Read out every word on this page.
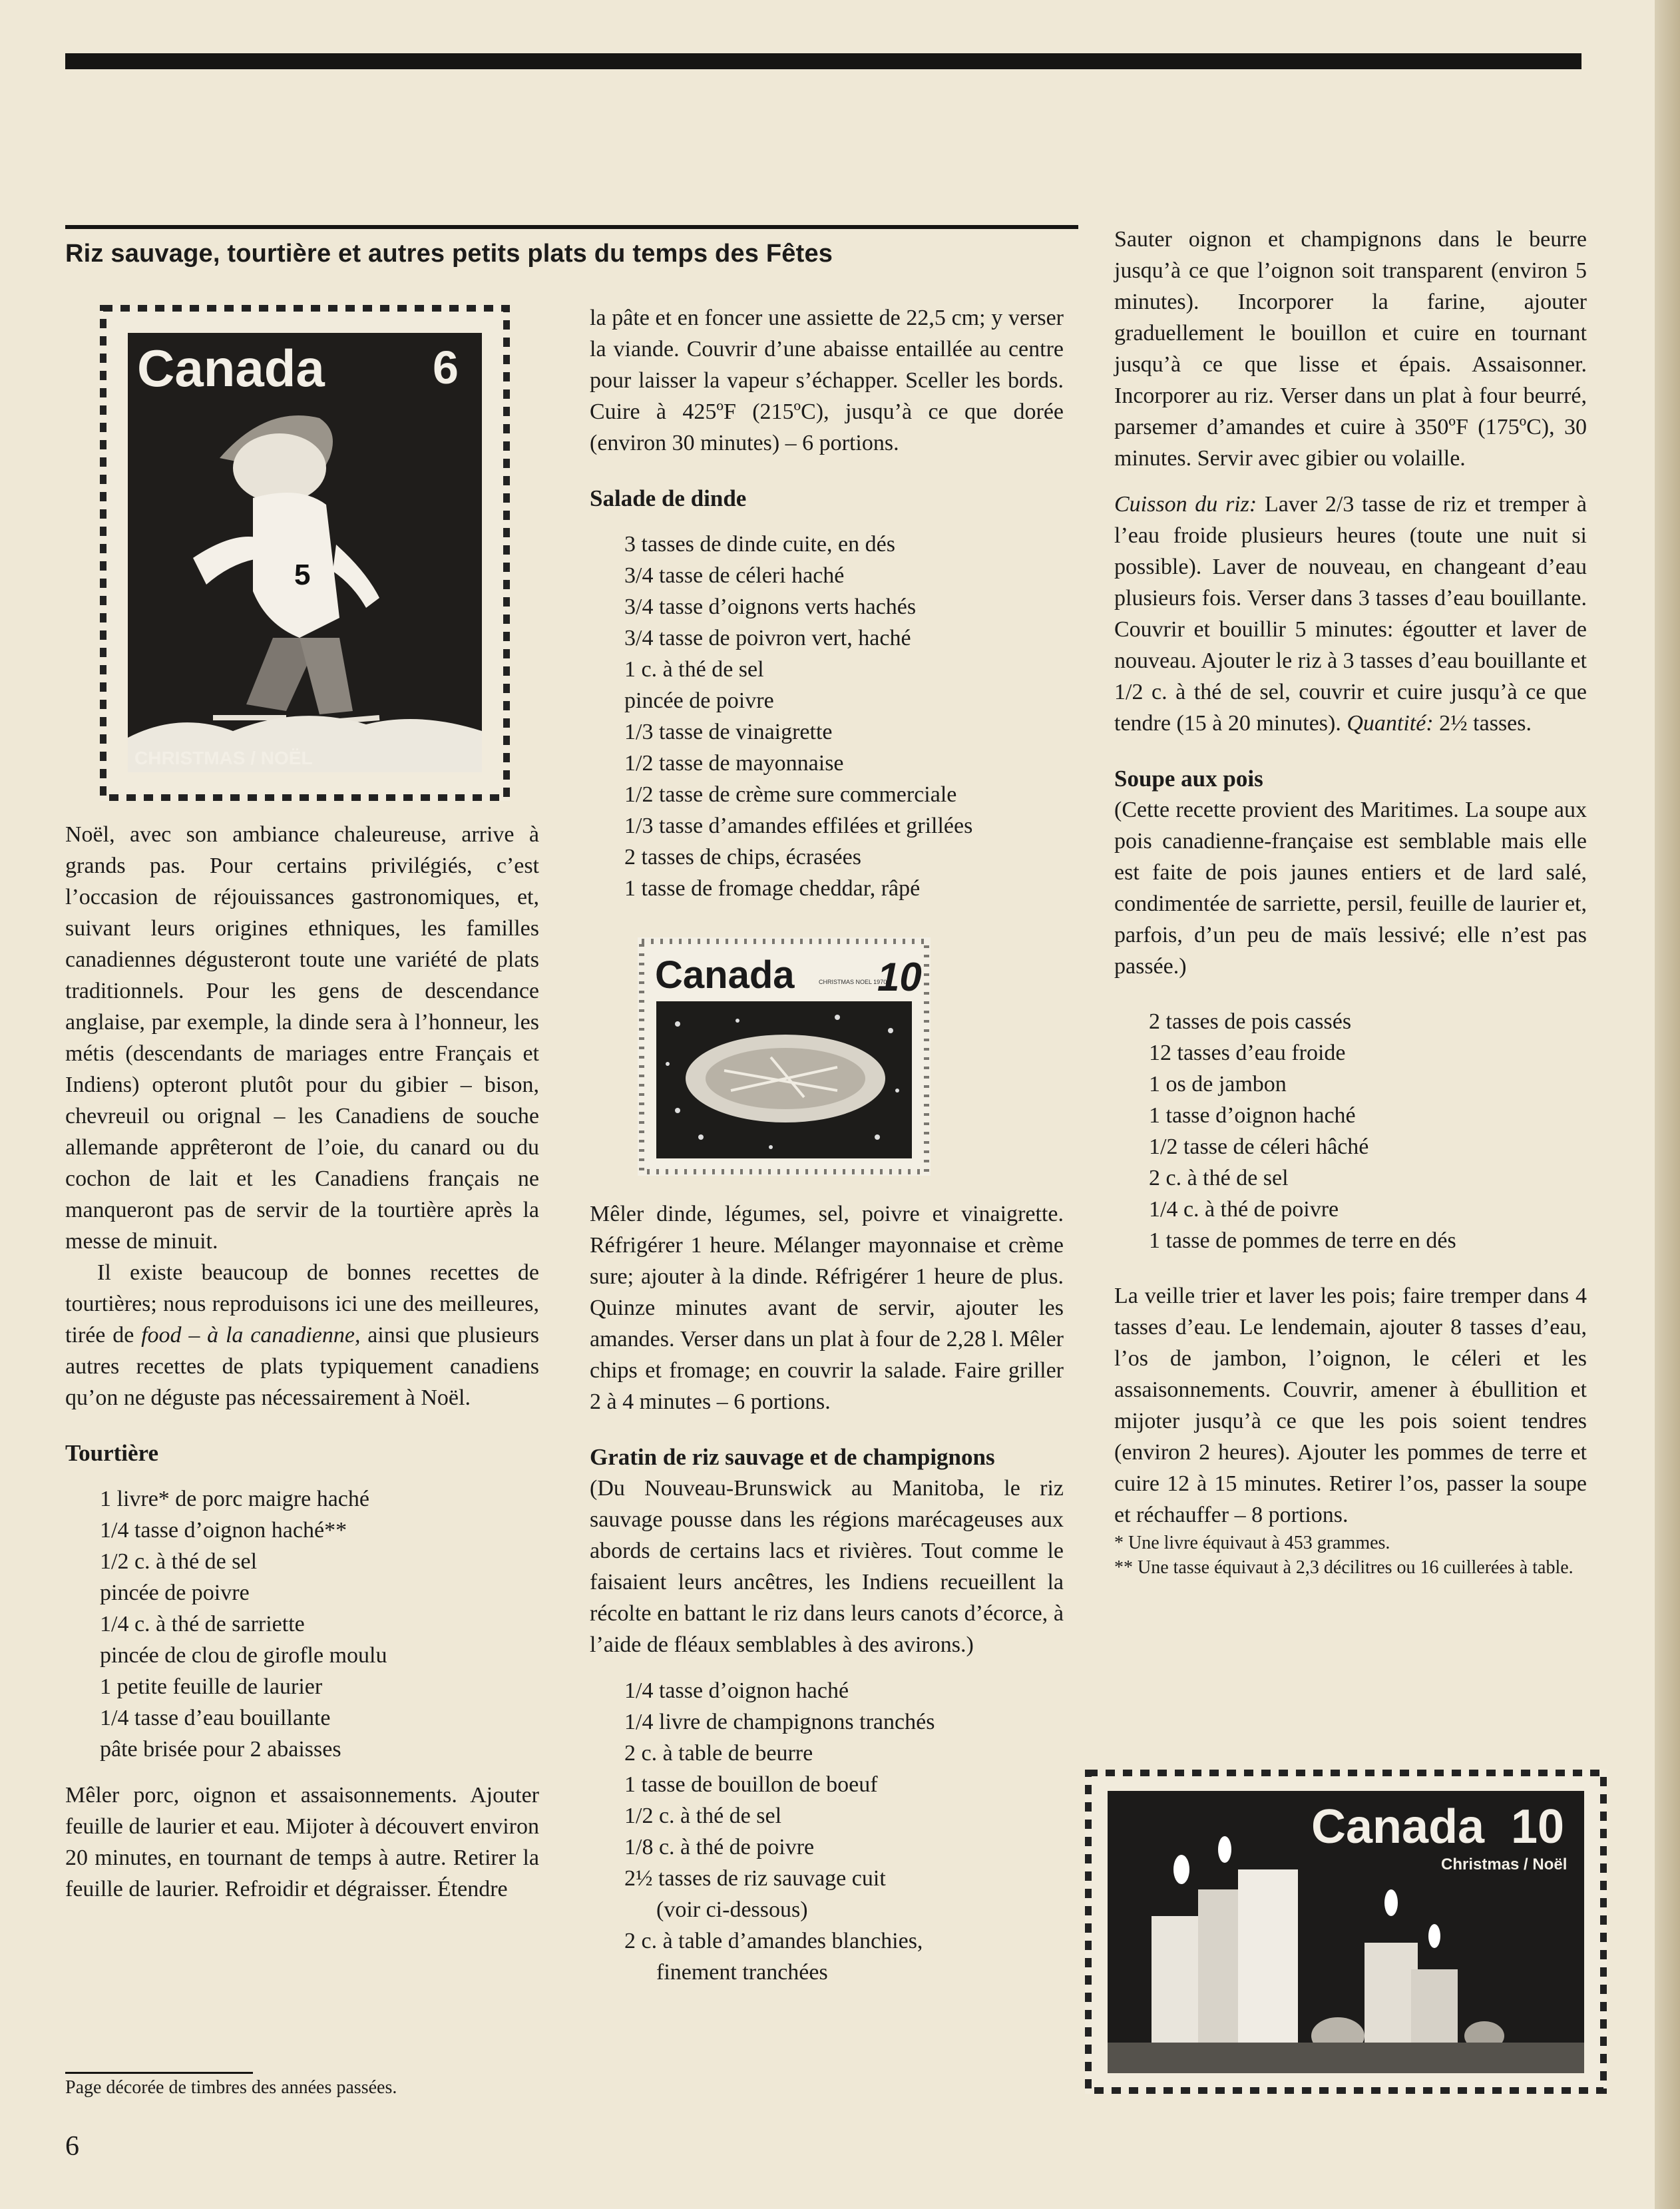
Riz sauvage, tourtière et autres petits plats du temps des Fêtes
Canada 6
5
CHRISTMAS / NOËL
Canada	CHRISTMAS NOEL 1970
10
Canada 10
Christmas / Noël

Noël, avec son ambiance chaleureuse, arrive à grands pas. Pour certains privilégiés, c’est l’occasion de réjouissances gastronomiques, et, suivant leurs origines ethniques, les familles canadiennes dégusteront toute une variété de plats traditionnels. Pour les gens de descendance anglaise, par exemple, la dinde sera à l’honneur, les métis (descendants de mariages entre Français et Indiens) opteront plutôt pour du gibier – bison, chevreuil ou orignal – les Canadiens de souche allemande apprêteront de l’oie, du canard ou du cochon de lait et les Canadiens français ne manqueront pas de servir de la tourtière après la messe de minuit.

Il existe beaucoup de bonnes recettes de tourtières; nous reproduisons ici une des meilleures, tirée de food – à la canadienne, ainsi que plusieurs autres recettes de plats typiquement canadiens qu’on ne déguste pas nécessairement à Noël.

Tourtière
1 livre* de porc maigre haché
1/4 tasse d’oignon haché**
1/2 c. à thé de sel
pincée de poivre
1/4 c. à thé de sarriette
pincée de clou de girofle moulu
1 petite feuille de laurier
1/4 tasse d’eau bouillante
pâte brisée pour 2 abaisses

Mêler porc, oignon et assaisonnements. Ajouter feuille de laurier et eau. Mijoter à découvert environ 20 minutes, en tournant de temps à autre. Retirer la feuille de laurier. Refroidir et dégraisser. Étendre

la pâte et en foncer une assiette de 22,5 cm; y verser la viande. Couvrir d’une abaisse entaillée au centre pour laisser la vapeur s’échapper. Sceller les bords. Cuire à 425ºF (215ºC), jusqu’à ce que dorée (environ 30 minutes) – 6 portions.

Salade de dinde
3 tasses de dinde cuite, en dés
3/4 tasse de céleri haché
3/4 tasse d’oignons verts hachés
3/4 tasse de poivron vert, haché
1 c. à thé de sel
pincée de poivre
1/3 tasse de vinaigrette
1/2 tasse de mayonnaise
1/2 tasse de crème sure commerciale
1/3 tasse d’amandes effilées et grillées
2 tasses de chips, écrasées
1 tasse de fromage cheddar, râpé

Mêler dinde, légumes, sel, poivre et vinaigrette. Réfrigérer 1 heure. Mélanger mayonnaise et crème sure; ajouter à la dinde. Réfrigérer 1 heure de plus. Quinze minutes avant de servir, ajouter les amandes. Verser dans un plat à four de 2,28 l. Mêler chips et fromage; en couvrir la salade. Faire griller 2 à 4 minutes – 6 portions.

Gratin de riz sauvage et de champignons

(Du Nouveau-Brunswick au Manitoba, le riz sauvage pousse dans les régions marécageuses aux abords de certains lacs et rivières. Tout comme le faisaient leurs ancêtres, les Indiens recueillent la récolte en battant le riz dans leurs canots d’écorce, à l’aide de fléaux semblables à des avirons.)

1/4 tasse d’oignon haché
1/4 livre de champignons tranchés
2 c. à table de beurre
1 tasse de bouillon de boeuf
1/2 c. à thé de sel
1/8 c. à thé de poivre
2½ tasses de riz sauvage cuit
(voir ci-dessous)
2 c. à table d’amandes blanchies,
finement tranchées

Sauter oignon et champignons dans le beurre jusqu’à ce que l’oignon soit transparent (environ 5 minutes). Incorporer la farine, ajouter graduellement le bouillon et cuire en tournant jusqu’à ce que lisse et épais. Assaisonner. Incorporer au riz. Verser dans un plat à four beurré, parsemer d’amandes et cuire à 350ºF (175ºC), 30 minutes. Servir avec gibier ou volaille.

Cuisson du riz: Laver 2/3 tasse de riz et tremper à l’eau froide plusieurs heures (toute une nuit si possible). Laver de nouveau, en changeant d’eau plusieurs fois. Verser dans 3 tasses d’eau bouillante. Couvrir et bouillir 5 minutes: égoutter et laver de nouveau. Ajouter le riz à 3 tasses d’eau bouillante et 1/2 c. à thé de sel, couvrir et cuire jusqu’à ce que tendre (15 à 20 minutes). Quantité: 2½ tasses.

Soupe aux pois

(Cette recette provient des Maritimes. La soupe aux pois canadienne-française est semblable mais elle est faite de pois jaunes entiers et de lard salé, condimentée de sarriette, persil, feuille de laurier et, parfois, d’un peu de maïs lessivé; elle n’est pas passée.)

2 tasses de pois cassés
12 tasses d’eau froide
1 os de jambon
1 tasse d’oignon haché
1/2 tasse de céleri hâché
2 c. à thé de sel
1/4 c. à thé de poivre
1 tasse de pommes de terre en dés

La veille trier et laver les pois; faire tremper dans 4 tasses d’eau. Le lendemain, ajouter 8 tasses d’eau, l’os de jambon, l’oignon, le céleri et les assaisonnements. Couvrir, amener à ébullition et mijoter jusqu’à ce que les pois soient tendres (environ 2 heures). Ajouter les pommes de terre et cuire 12 à 15 minutes. Retirer l’os, passer la soupe et réchauffer – 8 portions.

* Une livre équivaut à 453 grammes.

** Une tasse équivaut à 2,3 décilitres ou 16 cuillerées à table.

Page décorée de timbres des années passées.
6
